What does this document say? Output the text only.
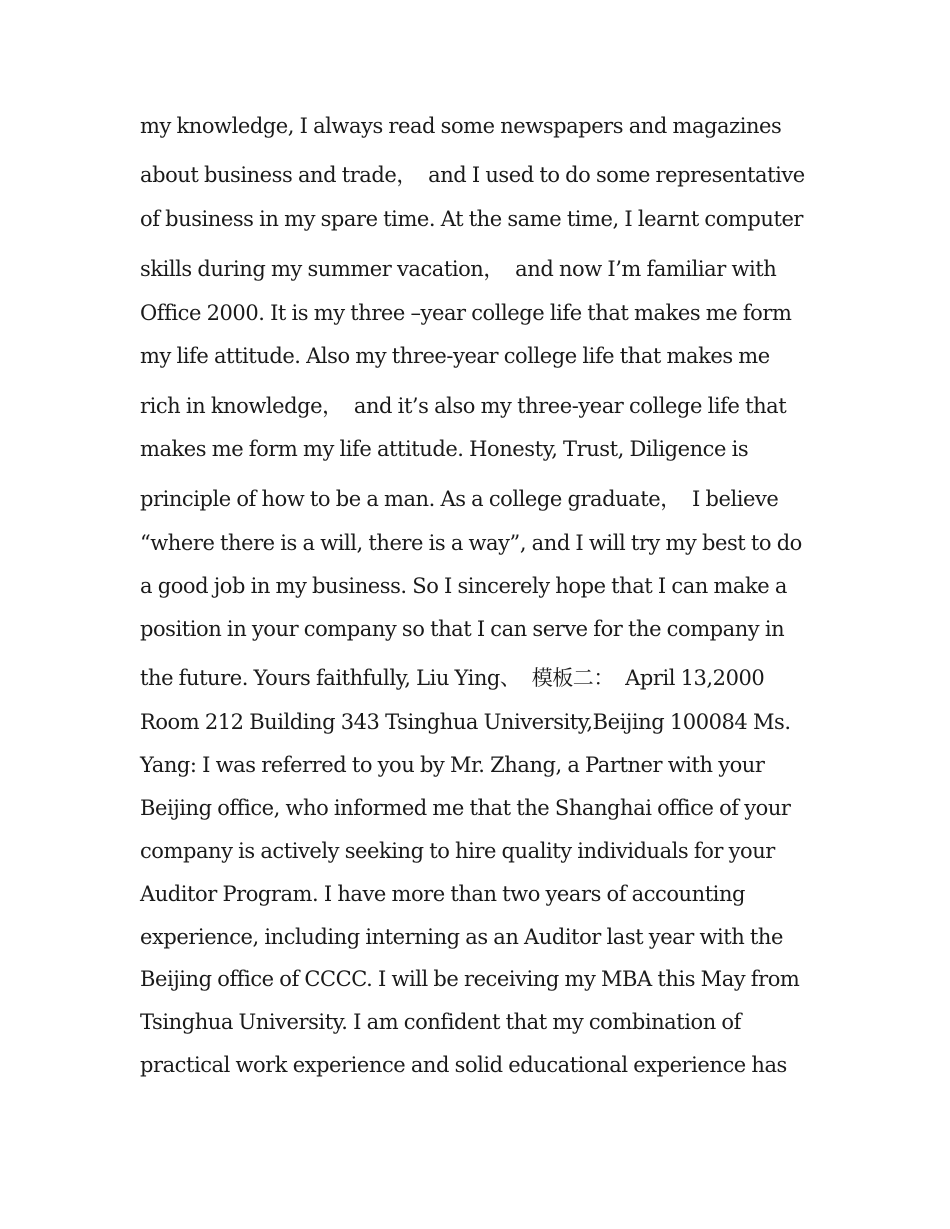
my knowledge, I always read some newspapers and magazines
about business and trade，  and I used to do some representative
of business in my spare time. At the same time, I learnt computer
skills during my summer vacation，  and now I’m familiar with
Office 2000. It is my three –year college life that makes me form
my life attitude. Also my three-year college life that makes me
rich in knowledge，  and it’s also my three-year college life that
makes me form my life attitude. Honesty, Trust, Diligence is
principle of how to be a man. As a college graduate，  I believe
“where there is a will, there is a way”, and I will try my best to do
a good job in my business. So I sincerely hope that I can make a
position in your company so that I can serve for the company in
the future. Yours faithfully, Liu Ying、  模板二：  April 13,2000
Room 212 Building 343 Tsinghua University,Beijing 100084 Ms.
Yang: I was referred to you by Mr. Zhang, a Partner with your
Beijing office, who informed me that the Shanghai office of your
company is actively seeking to hire quality individuals for your
Auditor Program. I have more than two years of accounting
experience, including interning as an Auditor last year with the
Beijing office of CCCC. I will be receiving my MBA this May from
Tsinghua University. I am confident that my combination of
practical work experience and solid educational experience has
